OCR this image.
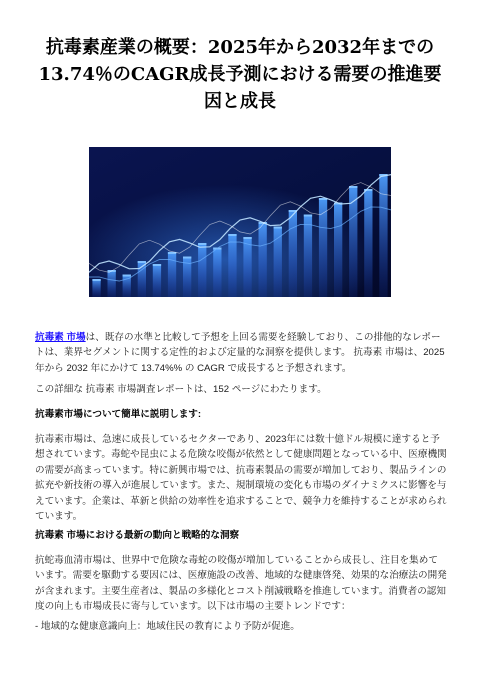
抗毒素産業の概要：2025年から2032年までの13.74％のCAGR成長予測における需要の推進要因と成長

抗毒素 市場は、既存の水準と比較して予想を上回る需要を経験しており、この排他的なレポートは、業界セグメントに関する定性的および定量的な洞察を提供します。 抗毒素 市場は、2025 年から 2032 年にかけて 13.74%% の CAGR で成長すると予想されます。

この詳細な 抗毒素 市場調査レポートは、152 ページにわたります。

抗毒素市場について簡単に説明します:

抗毒素市場は、急速に成長しているセクターであり、2023年には数十億ドル規模に達すると予想されています。毒蛇や昆虫による危険な咬傷が依然として健康問題となっている中、医療機関の需要が高まっています。特に新興市場では、抗毒素製品の需要が増加しており、製品ラインの拡充や新技術の導入が進展しています。また、規制環境の変化も市場のダイナミクスに影響を与えています。企業は、革新と供給の効率性を追求することで、競争力を維持することが求められています。

抗毒素 市場における最新の動向と戦略的な洞察

抗蛇毒血清市場は、世界中で危険な毒蛇の咬傷が増加していることから成長し、注目を集めています。需要を駆動する要因には、医療施設の改善、地域的な健康啓発、効果的な治療法の開発が含まれます。主要生産者は、製品の多様化とコスト削減戦略を推進しています。消費者の認知度の向上も市場成長に寄与しています。以下は市場の主要トレンドです：

- 地域的な健康意識向上：地域住民の教育により予防が促進。
